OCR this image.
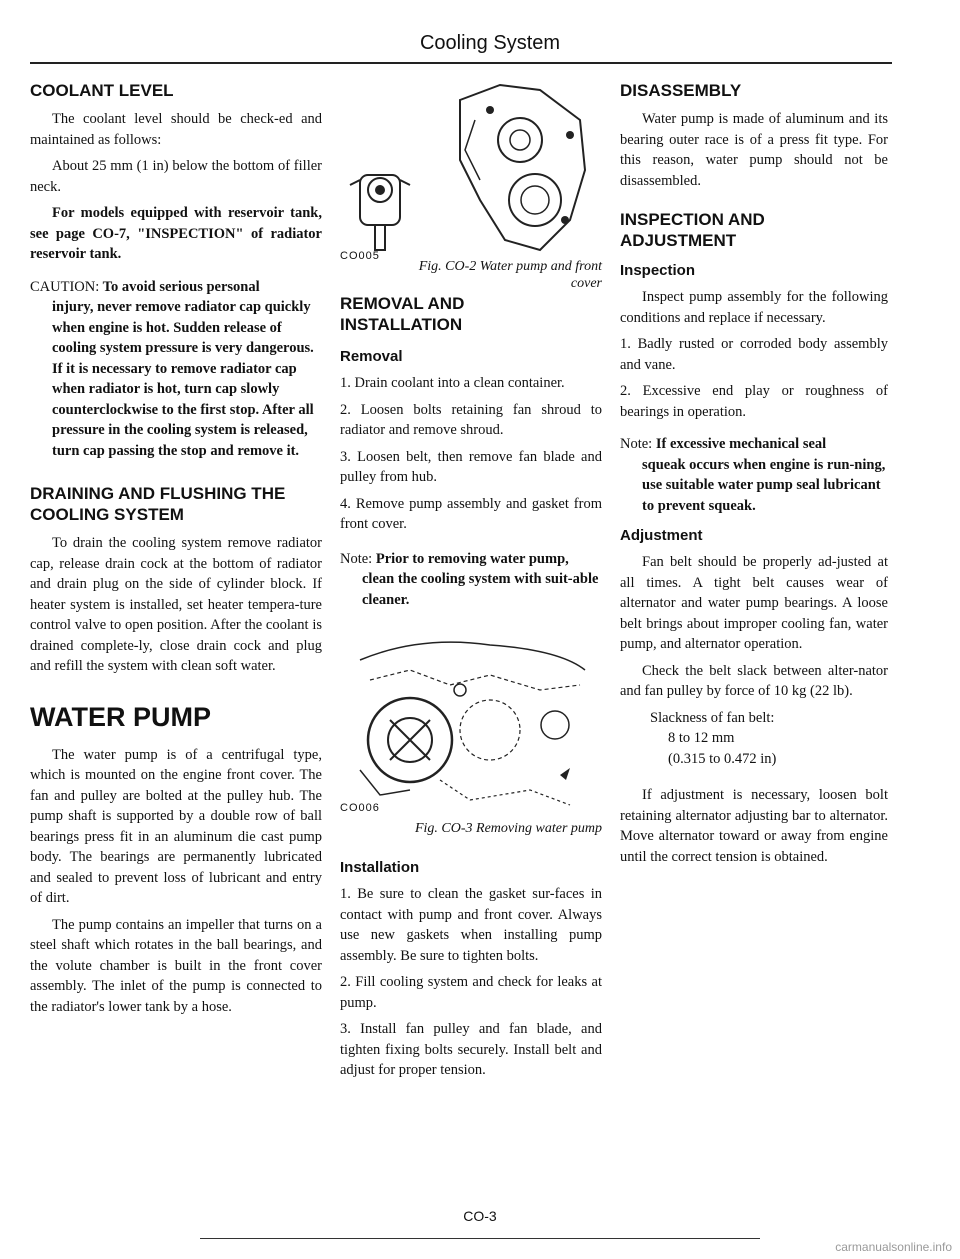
Cooling System
COOLANT LEVEL

The coolant level should be check-ed and maintained as follows:

About 25 mm (1 in) below the bottom of filler neck.

For models equipped with reservoir tank, see page CO-7, "INSPECTION" of radiator reservoir tank.

CAUTION: To avoid serious personal
injury, never remove radiator cap quickly when engine is hot. Sudden release of cooling system pressure is very dangerous.
If it is necessary to remove radiator cap when radiator is hot, turn cap slowly counterclockwise to the first stop. After all pressure in the cooling system is released, turn cap passing the stop and remove it.
DRAINING AND FLUSHING THE COOLING SYSTEM

To drain the cooling system remove radiator cap, release drain cock at the bottom of radiator and drain plug on the side of cylinder block. If heater system is installed, set heater tempera-ture control valve to open position. After the coolant is drained complete-ly, close drain cock and plug and refill the system with clean soft water.

WATER PUMP

The water pump is of a centrifugal type, which is mounted on the engine front cover. The fan and pulley are bolted at the pulley hub. The pump shaft is supported by a double row of ball bearings press fit in an aluminum die cast pump body. The bearings are permanently lubricated and sealed to prevent loss of lubricant and entry of dirt.

The pump contains an impeller that turns on a steel shaft which rotates in the ball bearings, and the volute chamber is built in the front cover assembly. The inlet of the pump is connected to the radiator's lower tank by a hose.

CO005
Fig. CO-2 Water pump and front
cover
REMOVAL AND INSTALLATION
Removal

1. Drain coolant into a clean container.

2. Loosen bolts retaining fan shroud to radiator and remove shroud.

3. Loosen belt, then remove fan blade and pulley from hub.

4. Remove pump assembly and gasket from front cover.

Note: Prior to removing water pump,
clean the cooling system with suit-able cleaner.
CO006
Fig. CO-3 Removing water pump
Installation

1. Be sure to clean the gasket sur-faces in contact with pump and front cover. Always use new gaskets when installing pump assembly. Be sure to tighten bolts.

2. Fill cooling system and check for leaks at pump.

3. Install fan pulley and fan blade, and tighten fixing bolts securely. Install belt and adjust for proper tension.

DISASSEMBLY

Water pump is made of aluminum and its bearing outer race is of a press fit type. For this reason, water pump should not be disassembled.

INSPECTION AND ADJUSTMENT
Inspection

Inspect pump assembly for the following conditions and replace if necessary.

1. Badly rusted or corroded body assembly and vane.

2. Excessive end play or roughness of bearings in operation.

Note: If excessive mechanical seal
squeak occurs when engine is run-ning, use suitable water pump seal lubricant to prevent squeak.
Adjustment

Fan belt should be properly ad-justed at all times. A tight belt causes wear of alternator and water pump bearings. A loose belt brings about improper cooling fan, water pump, and alternator operation.

Check the belt slack between alter-nator and fan pulley by force of 10 kg (22 lb).

Slackness of fan belt:

8 to 12 mm

(0.315 to 0.472 in)

If adjustment is necessary, loosen bolt retaining alternator adjusting bar to alternator. Move alternator toward or away from engine until the correct tension is obtained.

CO-3
carmanualsonline.info
